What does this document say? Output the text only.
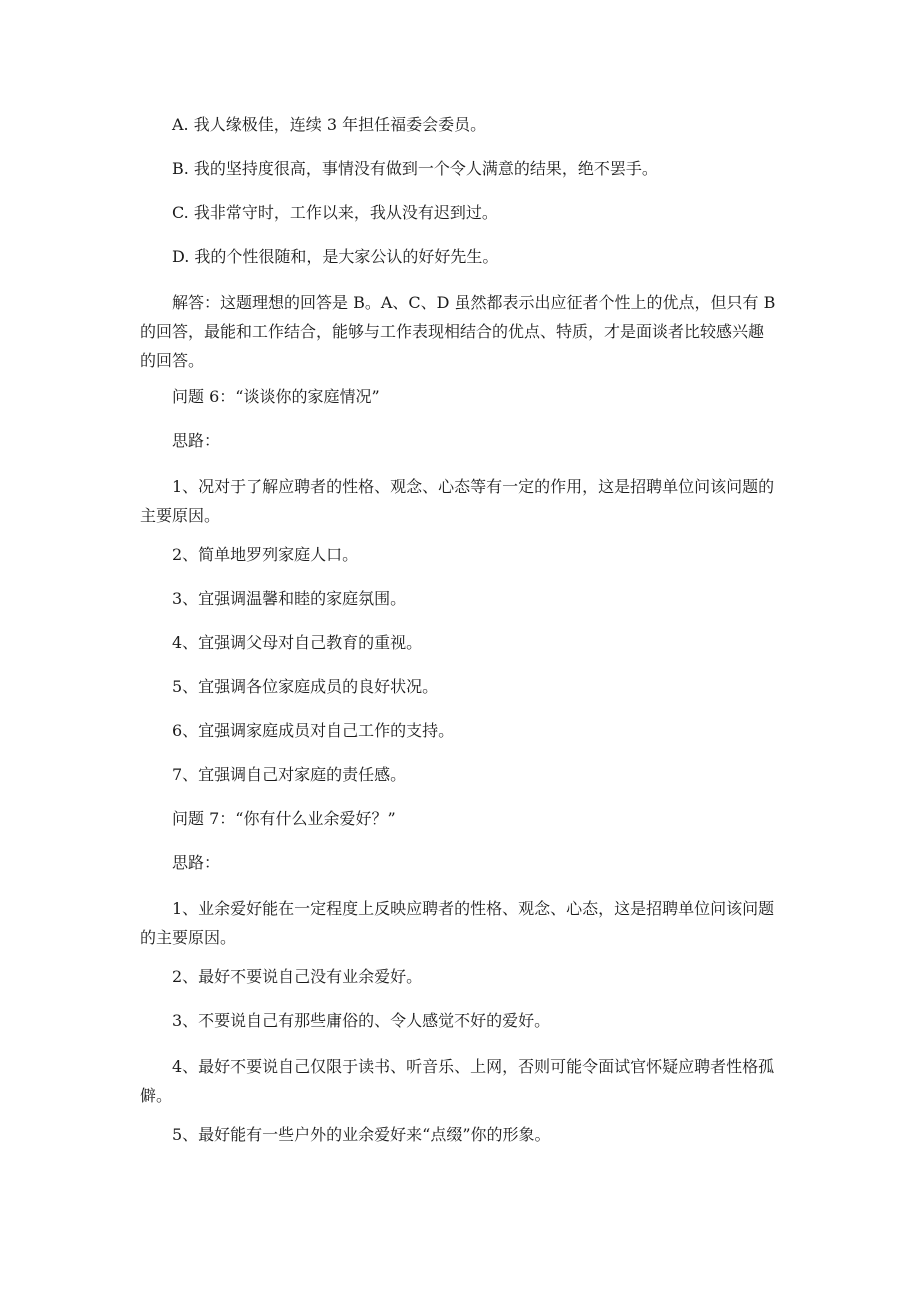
A. 我人缘极佳，连续 3 年担任福委会委员。

B. 我的坚持度很高，事情没有做到一个令人满意的结果，绝不罢手。

C. 我非常守时，工作以来，我从没有迟到过。

D. 我的个性很随和，是大家公认的好好先生。

解答：这题理想的回答是 B。A、C、D 虽然都表示出应征者个性上的优点，但只有 B 的回答，最能和工作结合，能够与工作表现相结合的优点、特质，才是面谈者比较感兴趣的回答。

问题 6：“谈谈你的家庭情况”

思路：

1、况对于了解应聘者的性格、观念、心态等有一定的作用，这是招聘单位问该问题的主要原因。

2、简单地罗列家庭人口。

3、宜强调温馨和睦的家庭氛围。

4、宜强调父母对自己教育的重视。

5、宜强调各位家庭成员的良好状况。

6、宜强调家庭成员对自己工作的支持。

7、宜强调自己对家庭的责任感。

问题 7：“你有什么业余爱好？”

思路：

1、业余爱好能在一定程度上反映应聘者的性格、观念、心态，这是招聘单位问该问题的主要原因。

2、最好不要说自己没有业余爱好。

3、不要说自己有那些庸俗的、令人感觉不好的爱好。

4、最好不要说自己仅限于读书、听音乐、上网，否则可能令面试官怀疑应聘者性格孤僻。

5、最好能有一些户外的业余爱好来“点缀”你的形象。
